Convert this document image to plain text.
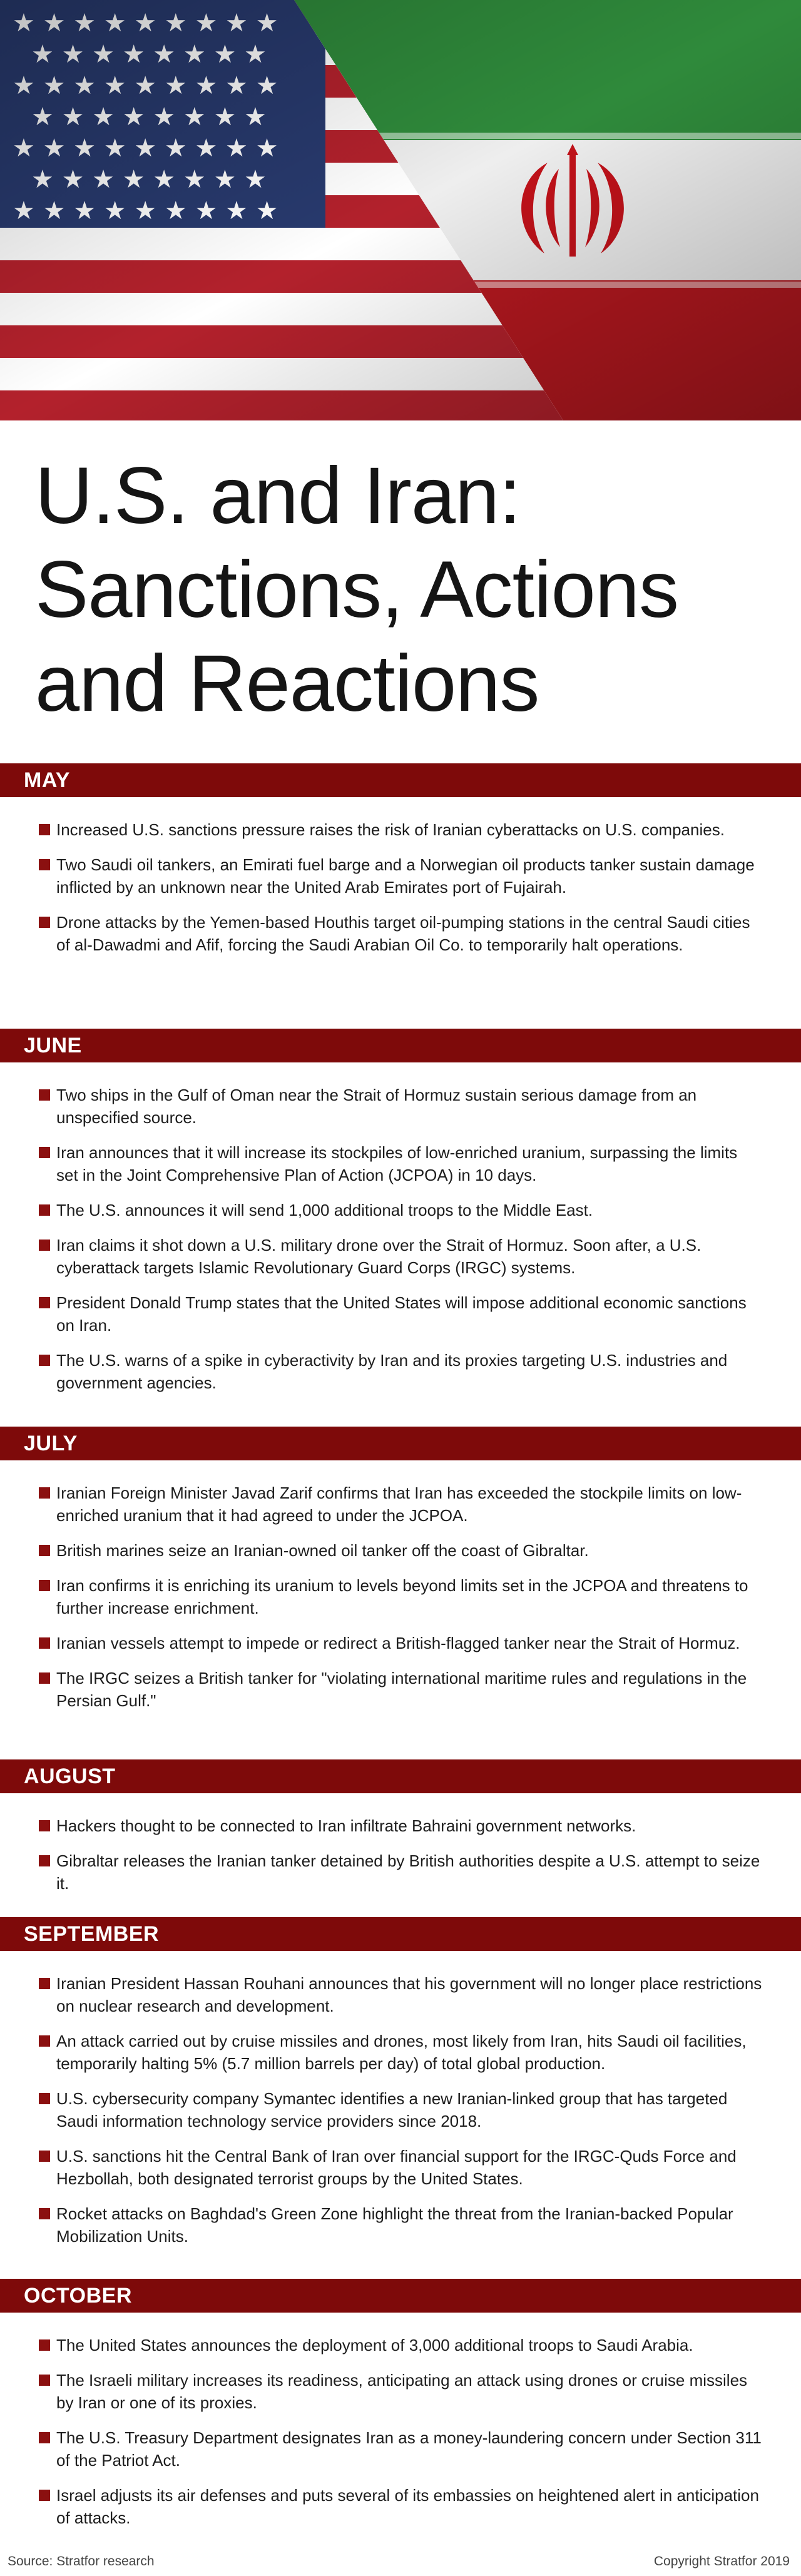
U.S. and Iran:
Sanctions, Actions
and Reactions
MAY
Increased U.S. sanctions pressure raises the risk of Iranian cyberattacks on U.S. companies.
Two Saudi oil tankers, an Emirati fuel barge and a Norwegian oil products tanker sustain damage inflicted by an unknown near the United Arab Emirates port of Fujairah.
Drone attacks by the Yemen-based Houthis target oil-pumping stations in the central Saudi cities of al-Dawadmi and Afif, forcing the Saudi Arabian Oil Co. to temporarily halt operations.
JUNE
Two ships in the Gulf of Oman near the Strait of Hormuz sustain serious damage from an unspecified source.
Iran announces that it will increase its stockpiles of low-enriched uranium, surpassing the limits set in the Joint Comprehensive Plan of Action (JCPOA) in 10 days.
The U.S. announces it will send 1,000 additional troops to the Middle East.
Iran claims it shot down a U.S. military drone over the Strait of Hormuz. Soon after, a U.S. cyberattack targets Islamic Revolutionary Guard Corps (IRGC) systems.
President Donald Trump states that the United States will impose additional economic sanctions on Iran.
The U.S. warns of a spike in cyberactivity by Iran and its proxies targeting U.S. industries and government agencies.
JULY
Iranian Foreign Minister Javad Zarif confirms that Iran has exceeded the stockpile limits on low-enriched uranium that it had agreed to under the JCPOA.
British marines seize an Iranian-owned oil tanker off the coast of Gibraltar.
Iran confirms it is enriching its uranium to levels beyond limits set in the JCPOA and threatens to further increase enrichment.
Iranian vessels attempt to impede or redirect a British-flagged tanker near the Strait of Hormuz.
The IRGC seizes a British tanker for "violating international maritime rules and regulations in the Persian Gulf."
AUGUST
Hackers thought to be connected to Iran infiltrate Bahraini government networks.
Gibraltar releases the Iranian tanker detained by British authorities despite a U.S. attempt to seize it.
SEPTEMBER
Iranian President Hassan Rouhani announces that his government will no longer place restrictions on nuclear research and development.
An attack carried out by cruise missiles and drones, most likely from Iran, hits Saudi oil facilities, temporarily halting 5% (5.7 million barrels per day) of total global production.
U.S. cybersecurity company Symantec identifies a new Iranian-linked group that has targeted Saudi information technology service providers since 2018.
U.S. sanctions hit the Central Bank of Iran over financial support for the IRGC-Quds Force and Hezbollah, both designated terrorist groups by the United States.
Rocket attacks on Baghdad's Green Zone highlight the threat from the Iranian-backed Popular Mobilization Units.
OCTOBER
The United States announces the deployment of 3,000 additional troops to Saudi Arabia.
The Israeli military increases its readiness, anticipating an attack using drones or cruise missiles by Iran or one of its proxies.
The U.S. Treasury Department designates Iran as a money-laundering concern under Section 311 of the Patriot Act.
Israel adjusts its air defenses and puts several of its embassies on heightened alert in anticipation of attacks.
Source: Stratfor research	Copyright Stratfor 2019
